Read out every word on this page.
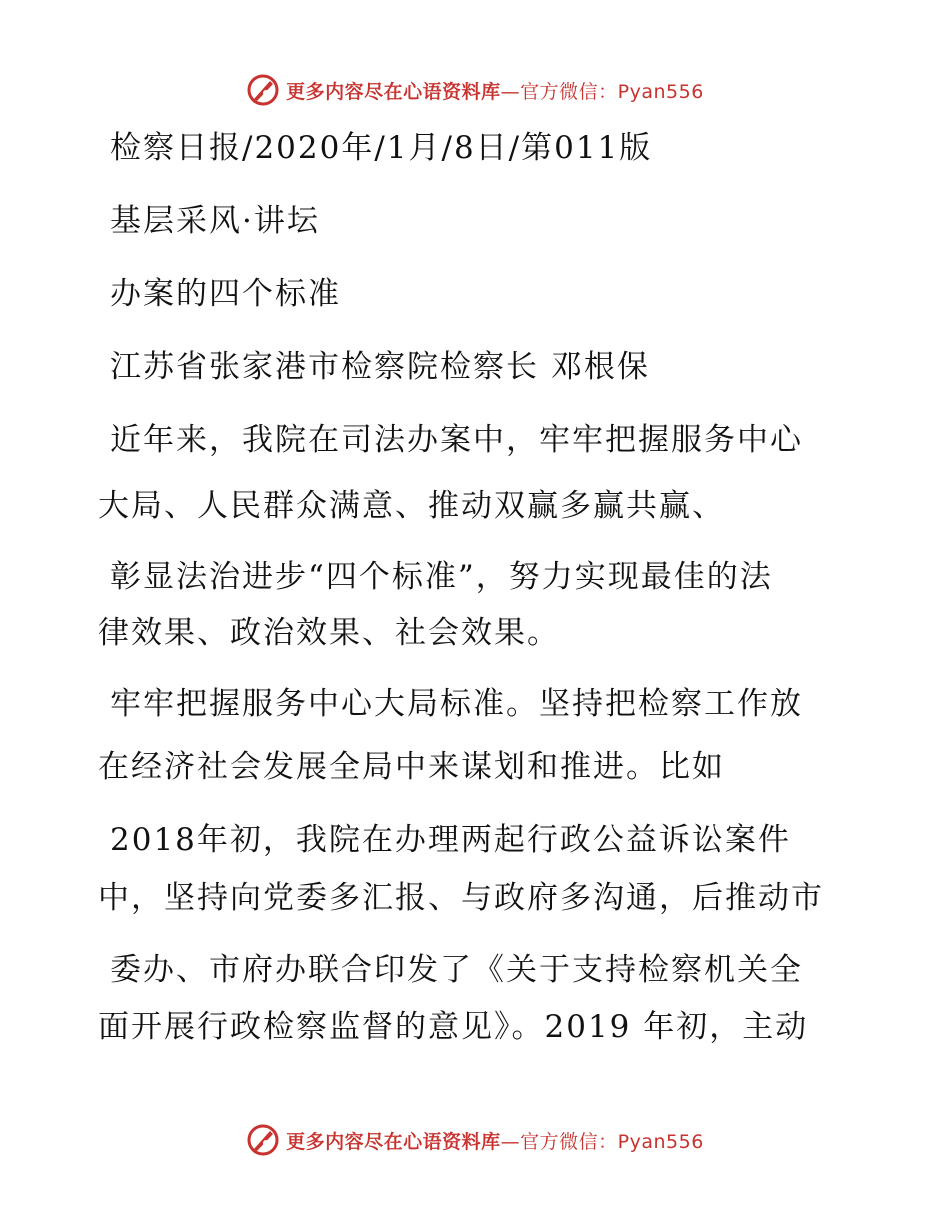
更多内容尽在心语资料库—官方微信：Pyan556
检察日报/2020年/1月/8日/第011版
基层采风·讲坛
办案的四个标准
江苏省张家港市检察院检察长 邓根保
近年来，我院在司法办案中，牢牢把握服务中心
大局、人民群众满意、推动双赢多赢共赢、
彰显法治进步“四个标准”，努力实现最佳的法
律效果、政治效果、社会效果。
牢牢把握服务中心大局标准。坚持把检察工作放
在经济社会发展全局中来谋划和推进。比如
2018年初，我院在办理两起行政公益诉讼案件
中，坚持向党委多汇报、与政府多沟通，后推动市
委办、市府办联合印发了《关于支持检察机关全
面开展行政检察监督的意见》。2019 年初，主动
更多内容尽在心语资料库—官方微信：Pyan556
